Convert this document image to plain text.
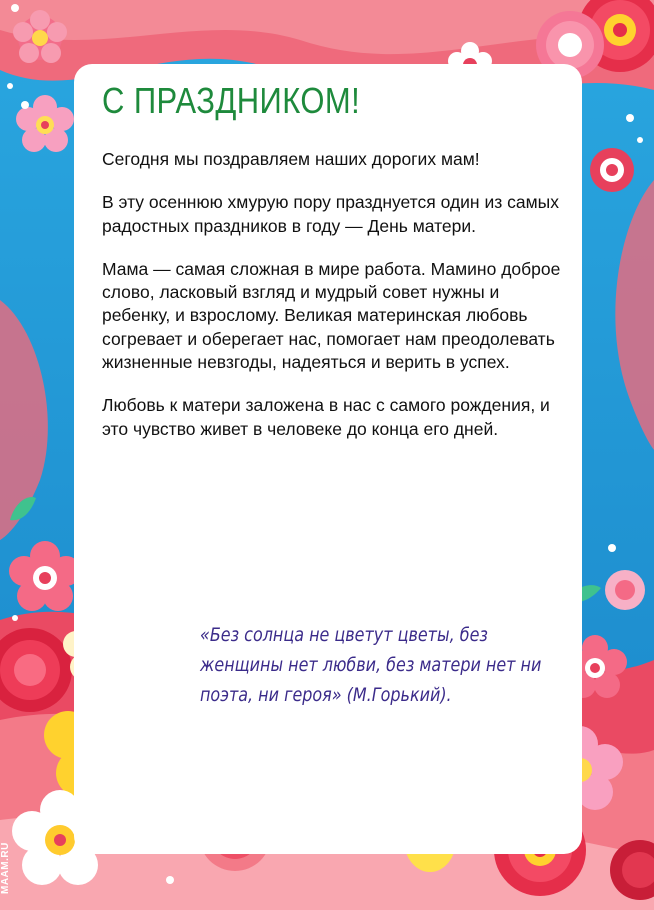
С ПРАЗДНИКОМ!

Сегодня мы поздравляем наших дорогих мам!

В эту осеннюю хмурую пору празднуется один из самых радостных праздников в году — День матери.

Мама — самая сложная в мире работа. Мамино доброе слово, ласковый взгляд и мудрый совет нужны и ребенку, и взрослому. Великая материнская любовь согревает и оберегает нас, помогает нам преодолевать жизненные невзгоды, надеяться и верить в успех.

Любовь к матери заложена в нас с самого рождения, и это чувство живет в человеке до конца его дней.

«Без солнца не цветут цветы, без женщины нет любви, без матери нет ни поэта, ни героя» (М.Горький).

MAAM.RU
